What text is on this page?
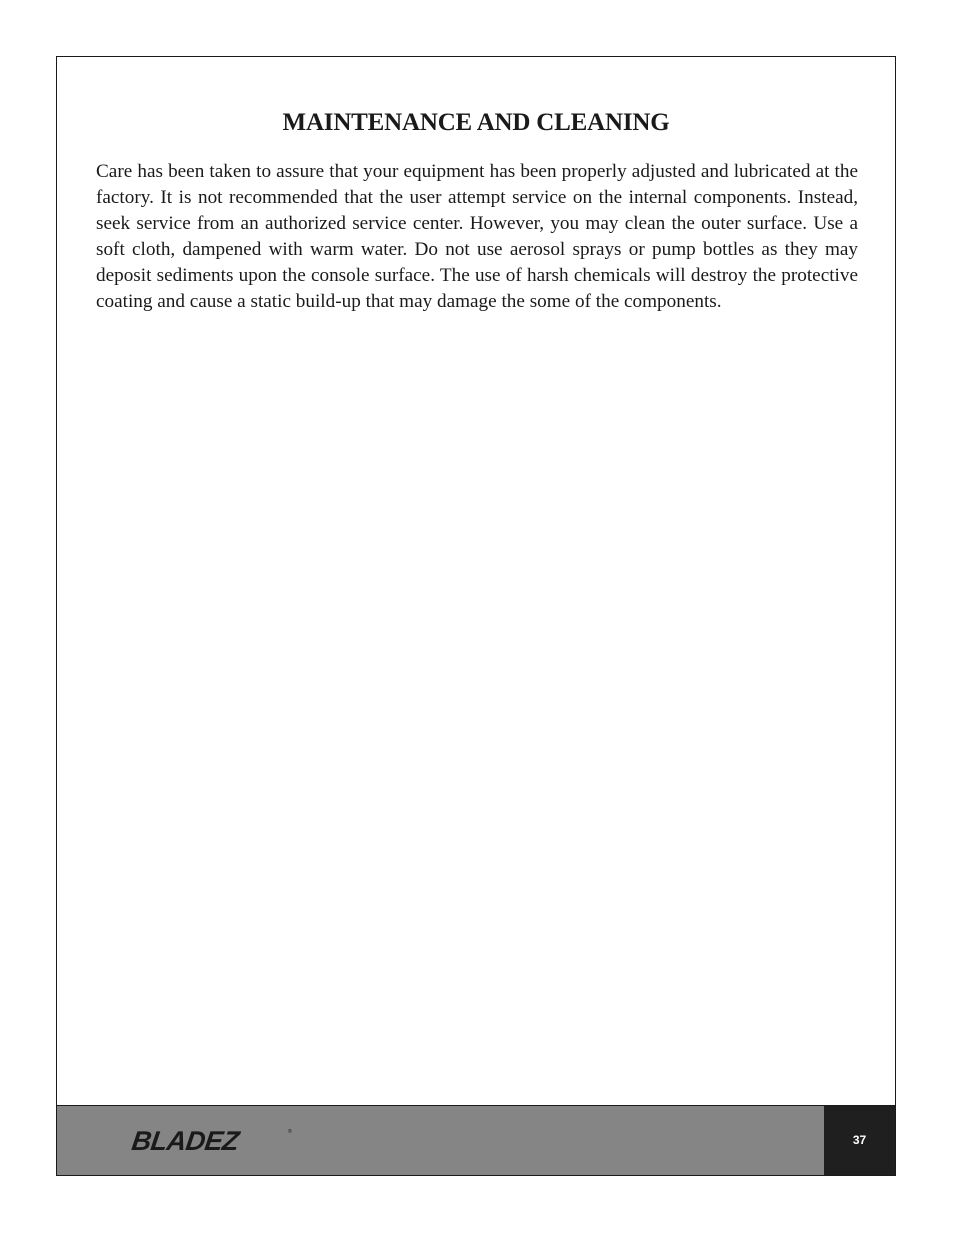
MAINTENANCE AND CLEANING

Care has been taken to assure that your equipment has been properly adjusted and lubricated at the factory. It is not recommended that the user attempt service on the internal components. Instead, seek service from an authorized service center. However, you may clean the outer surface. Use a soft cloth, dampened with warm water. Do not use aerosol sprays or pump bottles as they may deposit sediments upon the console surface. The use of harsh chemicals will destroy the protective coating and cause a static build-up that may damage the some of the components.

BLADEZ	®
37
